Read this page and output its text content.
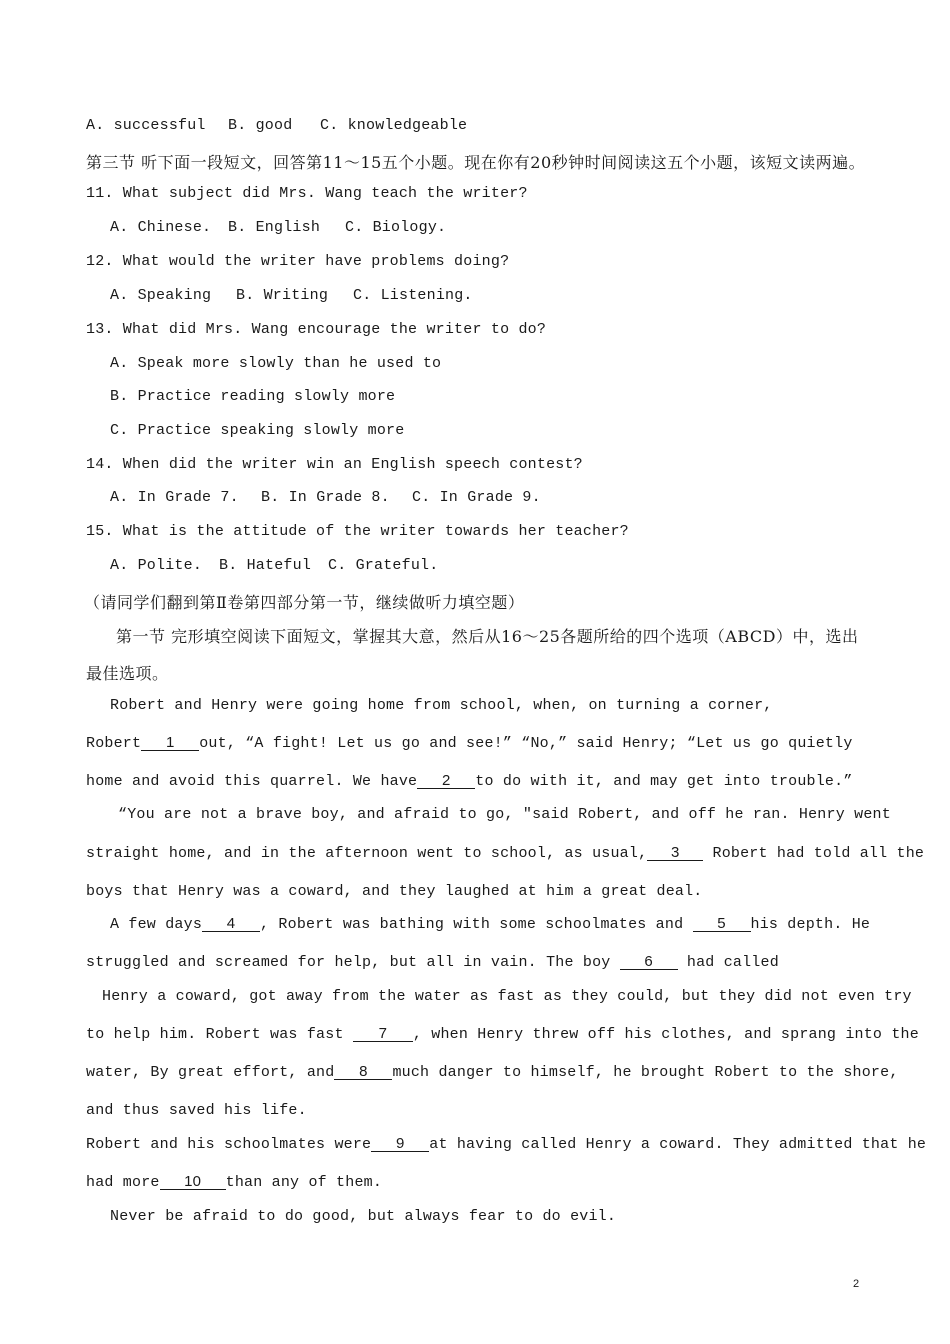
A. successful B. good C. knowledgeable
第三节 听下面一段短文，回答第11～15五个小题。现在你有20秒钟时间阅读这五个小题，该短文读两遍。
11. What subject did Mrs. Wang teach the writer?
A. Chinese. B. English C. Biology.
12. What would the writer have problems doing?
A. Speaking B. Writing C. Listening.
13. What did Mrs. Wang encourage the writer to do?
A. Speak more slowly than he used to
B. Practice reading slowly more
C. Practice speaking slowly more
14. When did the writer win an English speech contest?
A. In Grade 7. B. In Grade 8. C. In Grade 9.
15. What is the attitude of the writer towards her teacher?
A. Polite. B. Hateful C. Grateful.
（请同学们翻到第Ⅱ卷第四部分第一节，继续做听力填空题）
第一节 完形填空阅读下面短文，掌握其大意，然后从16～25各题所给的四个选项（ABCD）中，选出
最佳选项。
Robert and Henry were going home from school, when, on turning a corner,
Robert 1 out, “A fight! Let us go and see!” “No,” said Henry; “Let us go quietly
home and avoid this quarrel. We have 2 to do with it, and may get into trouble.”
“You are not a brave boy, and afraid to go, ″said Robert, and off he ran. Henry went
straight home, and in the afternoon went to school, as usual, 3 Robert had told all the
boys that Henry was a coward, and they laughed at him a great deal.
A few days 4 , Robert was bathing with some schoolmates and 5 his depth. He
struggled and screamed for help, but all in vain. The boy 6 had called
Henry a coward, got away from the water as fast as they could, but they did not even try
to help him. Robert was fast 7 , when Henry threw off his clothes, and sprang into the
water, By great effort, and 8 much danger to himself, he brought Robert to the shore,
and thus saved his life.
Robert and his schoolmates were 9 at having called Henry a coward. They admitted that he
had more 10 than any of them.
Never be afraid to do good, but always fear to do evil.
2
